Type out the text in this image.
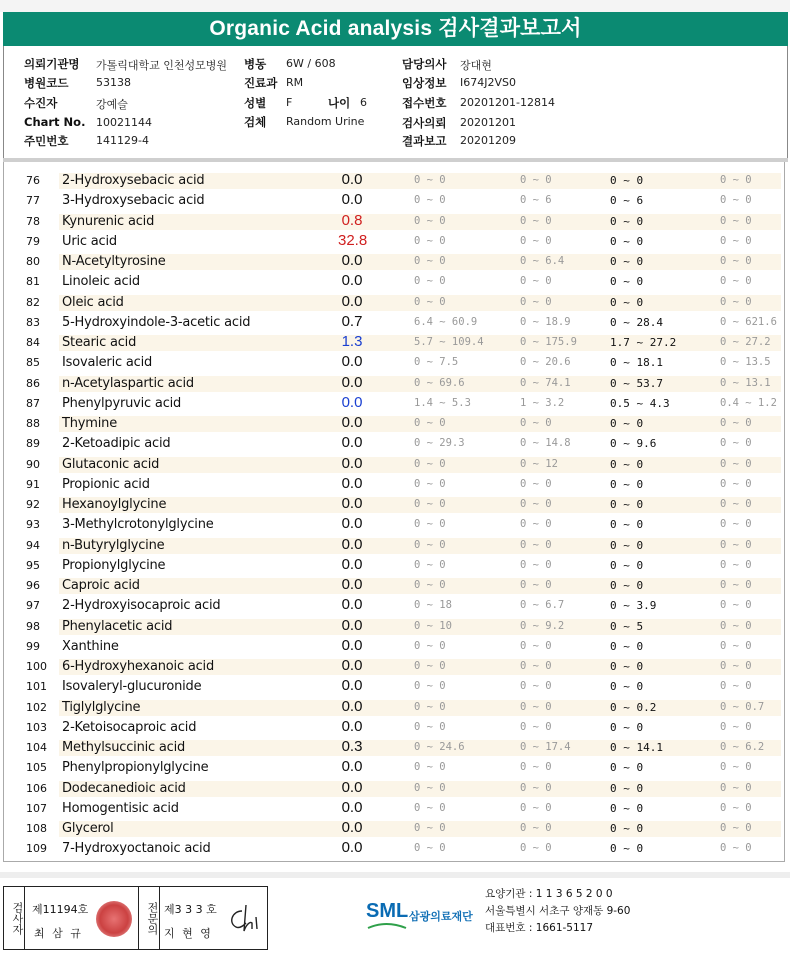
Organic Acid analysis 검사결과보고서
의뢰기관명 가톨릭대학교 인천성모병원 병동 6W / 608	담당의사 장대현
병원코드	53138	진료과 RM	임상정보 I674J2VS0
수진자	강예슬	성별 F	나이 6	접수번호 20201201-12814
Chart No. 10021144	검체 Random Urine	검사의뢰 20201201
주민번호	141129-4	결과보고 20201209
76 2-Hydroxysebacic acid	0.0	0 ~ 0	0 ~ 0	0 ~ 0	0 ~ 0
77 3-Hydroxysebacic acid	0.0	0 ~ 0	0 ~ 6	0 ~ 6	0 ~ 0
78 Kynurenic acid	0.8	0 ~ 0	0 ~ 0	0 ~ 0	0 ~ 0
79 Uric acid	32.8	0 ~ 0	0 ~ 0	0 ~ 0	0 ~ 0
80 N-Acetyltyrosine	0.0	0 ~ 0	0 ~ 6.4	0 ~ 0	0 ~ 0
81 Linoleic acid	0.0	0 ~ 0	0 ~ 0	0 ~ 0	0 ~ 0
82 Oleic acid	0.0	0 ~ 0	0 ~ 0	0 ~ 0	0 ~ 0
83 5-Hydroxyindole-3-acetic acid	0.7	6.4 ~ 60.9	0 ~ 18.9	0 ~ 28.4	0 ~ 621.6
84 Stearic acid	1.3	5.7 ~ 109.4	0 ~ 175.9	1.7 ~ 27.2	0 ~ 27.2
85 Isovaleric acid	0.0	0 ~ 7.5	0 ~ 20.6	0 ~ 18.1	0 ~ 13.5
86 n-Acetylaspartic acid	0.0	0 ~ 69.6	0 ~ 74.1	0 ~ 53.7	0 ~ 13.1
87 Phenylpyruvic acid	0.0	1.4 ~ 5.3	1 ~ 3.2	0.5 ~ 4.3	0.4 ~ 1.2
88 Thymine	0.0	0 ~ 0	0 ~ 0	0 ~ 0	0 ~ 0
89 2-Ketoadipic acid	0.0	0 ~ 29.3	0 ~ 14.8	0 ~ 9.6	0 ~ 0
90 Glutaconic acid	0.0	0 ~ 0	0 ~ 12	0 ~ 0	0 ~ 0
91 Propionic acid	0.0	0 ~ 0	0 ~ 0	0 ~ 0	0 ~ 0
92 Hexanoylglycine	0.0	0 ~ 0	0 ~ 0	0 ~ 0	0 ~ 0
93 3-Methylcrotonylglycine	0.0	0 ~ 0	0 ~ 0	0 ~ 0	0 ~ 0
94 n-Butyrylglycine	0.0	0 ~ 0	0 ~ 0	0 ~ 0	0 ~ 0
95 Propionylglycine	0.0	0 ~ 0	0 ~ 0	0 ~ 0	0 ~ 0
96 Caproic acid	0.0	0 ~ 0	0 ~ 0	0 ~ 0	0 ~ 0
97 2-Hydroxyisocaproic acid	0.0	0 ~ 18	0 ~ 6.7	0 ~ 3.9	0 ~ 0
98 Phenylacetic acid	0.0	0 ~ 10	0 ~ 9.2	0 ~ 5	0 ~ 0
99 Xanthine	0.0	0 ~ 0	0 ~ 0	0 ~ 0	0 ~ 0
100 6-Hydroxyhexanoic acid	0.0	0 ~ 0	0 ~ 0	0 ~ 0	0 ~ 0
101 Isovaleryl-glucuronide	0.0	0 ~ 0	0 ~ 0	0 ~ 0	0 ~ 0
102 Tiglylglycine	0.0	0 ~ 0	0 ~ 0	0 ~ 0.2	0 ~ 0.7
103 2-Ketoisocaproic acid	0.0	0 ~ 0	0 ~ 0	0 ~ 0	0 ~ 0
104 Methylsuccinic acid	0.3	0 ~ 24.6	0 ~ 17.4	0 ~ 14.1	0 ~ 6.2
105 Phenylpropionylglycine	0.0	0 ~ 0	0 ~ 0	0 ~ 0	0 ~ 0
106 Dodecanedioic acid	0.0	0 ~ 0	0 ~ 0	0 ~ 0	0 ~ 0
107 Homogentisic acid	0.0	0 ~ 0	0 ~ 0	0 ~ 0	0 ~ 0
108 Glycerol	0.0	0 ~ 0	0 ~ 0	0 ~ 0	0 ~ 0
109 7-Hydroxyoctanoic acid	0.0	0 ~ 0	0 ~ 0	0 ~ 0	0 ~ 0
검사자 제11194호
최 삼 규	전문의 제3 3 3 호
지 현 영
SML 삼광의료재단
요양기관 : 1 1 3 6 5 2 0 0
서울특별시 서초구 양재동 9-60
대표번호 : 1661-5117
